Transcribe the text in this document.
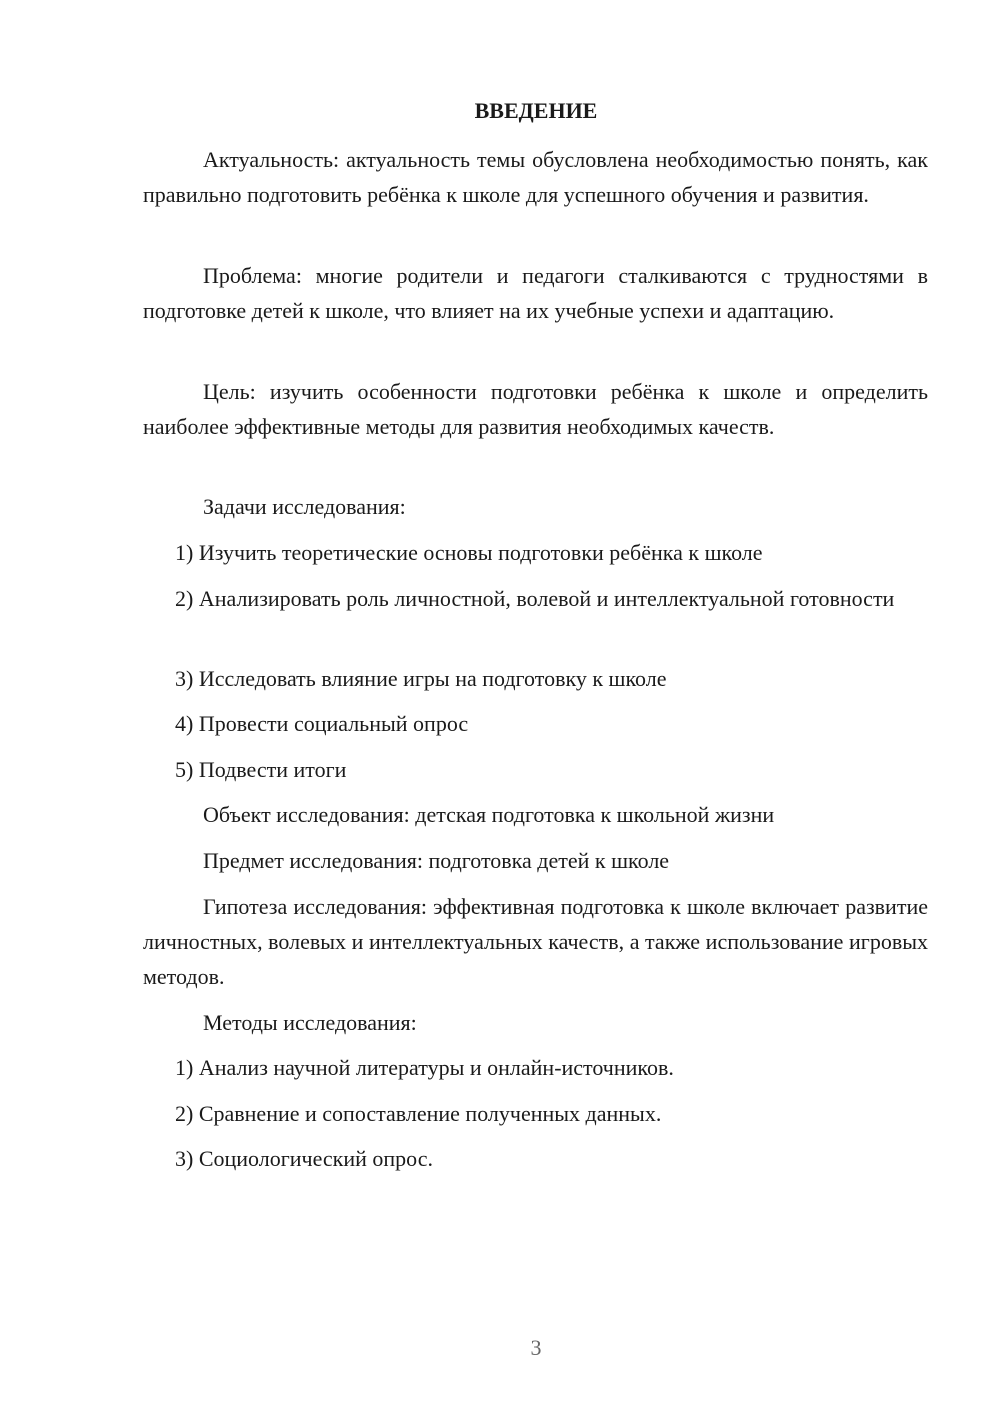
ВВЕДЕНИЕ

Актуальность: актуальность темы обусловлена необходимостью понять, как правильно подготовить ребёнка к школе для успешного обучения и развития.

Проблема: многие родители и педагоги сталкиваются с трудностями в подготовке детей к школе, что влияет на их учебные успехи и адаптацию.

Цель: изучить особенности подготовки ребёнка к школе и определить наиболее эффективные методы для развития необходимых качеств.

Задачи исследования:

1) Изучить теоретические основы подготовки ребёнка к школе

2) Анализировать роль личностной, волевой и интеллектуальной готовности

3) Исследовать влияние игры на подготовку к школе

4) Провести социальный опрос

5) Подвести итоги

Объект исследования: детская подготовка к школьной жизни

Предмет исследования: подготовка детей к школе

Гипотеза исследования: эффективная подготовка к школе включает развитие личностных, волевых и интеллектуальных качеств, а также использование игровых методов.

Методы исследования:

1) Анализ научной литературы и онлайн-источников.

2) Сравнение и сопоставление полученных данных.

3) Социологический опрос.

3
